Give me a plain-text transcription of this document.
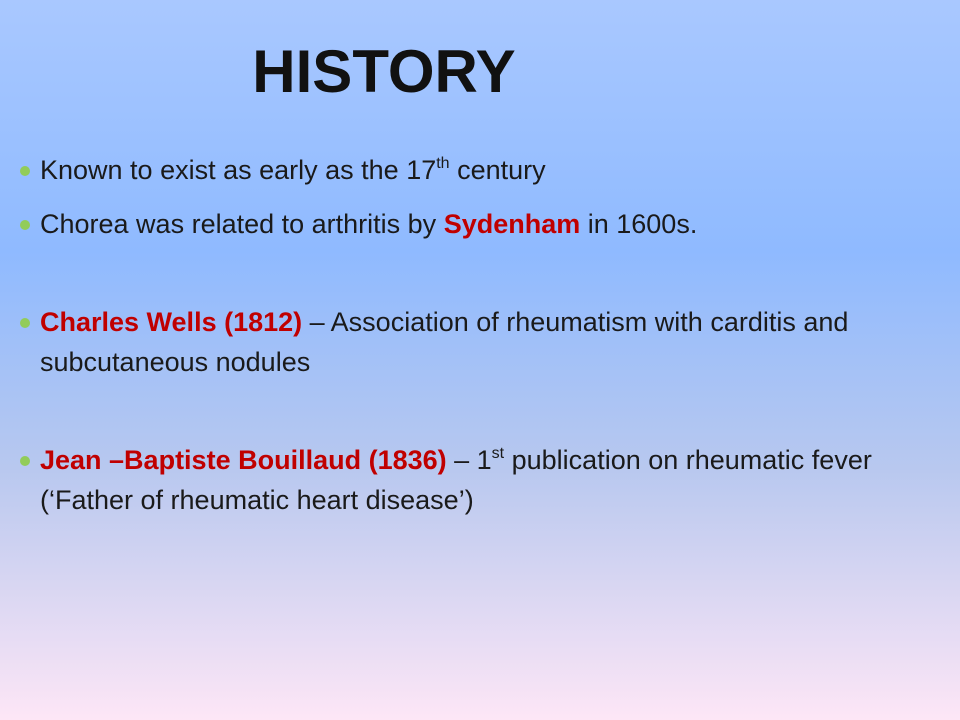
HISTORY
Known to exist as early as the 17th century
Chorea was related to arthritis by Sydenham in 1600s.
Charles Wells (1812) – Association of rheumatism with carditis and subcutaneous nodules
Jean –Baptiste Bouillaud (1836) – 1st publication on rheumatic fever (‘Father of rheumatic heart disease’)
